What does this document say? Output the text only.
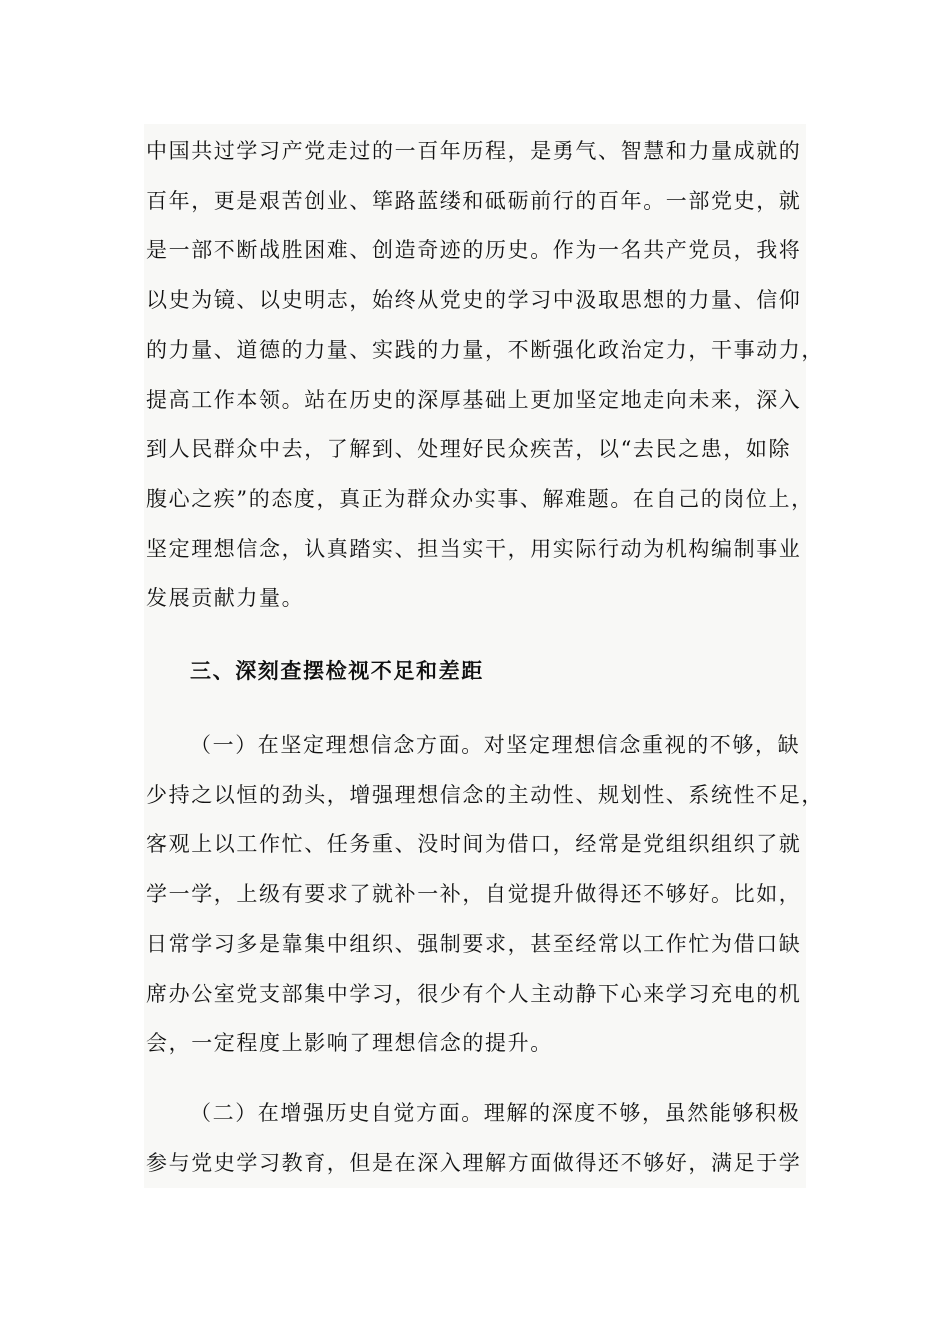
中国共过学习产党走过的一百年历程，是勇气、智慧和力量成就的
百年，更是艰苦创业、筚路蓝缕和砥砺前行的百年。一部党史，就
是一部不断战胜困难、创造奇迹的历史。作为一名共产党员，我将
以史为镜、以史明志，始终从党史的学习中汲取思想的力量、信仰
的力量、道德的力量、实践的力量，不断强化政治定力，干事动力，
提高工作本领。站在历史的深厚基础上更加坚定地走向未来，深入
到人民群众中去，了解到、处理好民众疾苦，以“去民之患，如除
腹心之疾”的态度，真正为群众办实事、解难题。在自己的岗位上，
坚定理想信念，认真踏实、担当实干，用实际行动为机构编制事业
发展贡献力量。
三、深刻查摆检视不足和差距
（一）在坚定理想信念方面。对坚定理想信念重视的不够，缺
少持之以恒的劲头，增强理想信念的主动性、规划性、系统性不足，
客观上以工作忙、任务重、没时间为借口，经常是党组织组织了就
学一学，上级有要求了就补一补，自觉提升做得还不够好。比如，
日常学习多是靠集中组织、强制要求，甚至经常以工作忙为借口缺
席办公室党支部集中学习，很少有个人主动静下心来学习充电的机
会，一定程度上影响了理想信念的提升。
（二）在增强历史自觉方面。理解的深度不够，虽然能够积极
参与党史学习教育，但是在深入理解方面做得还不够好，满足于学
